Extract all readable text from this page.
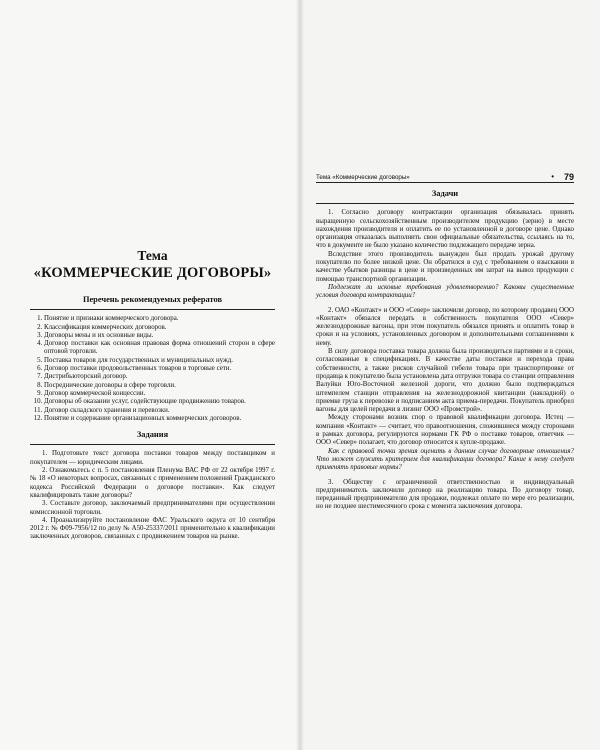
Тема
«КОММЕРЧЕСКИЕ ДОГОВОРЫ»
Перечень рекомендуемых рефератов
1. Понятие и признаки коммерческого договора.
2. Классификация коммерческих договоров.
3. Договоры мены и их основные виды.
4. Договор поставки как основная правовая форма отношений сторон в сфере оптовой торговли.
5. Поставка товаров для государственных и муниципальных нужд.
6. Договор поставки продовольственных товаров в торговые сети.
7. Дистрибьюторский договор.
8. Посреднические договоры в сфере торговли.
9. Договор коммерческой концессии.
10. Договоры об оказании услуг, содействующие продвижению товаров.
11. Договор складского хранения и перевозки.
12. Понятие и содержание организационных коммерческих договоров.
Задания

1. Подготовьте текст договора поставки товаров между поставщиком и покупателем — юридическим лицами.

2. Ознакомьтесь с п. 5 постановления Пленума ВАС РФ от 22 октября 1997 г. № 18 «О некоторых вопросах, связанных с применением положений Гражданского кодекса Российской Федерации о договоре поставки». Как следует квалифицировать такие договоры?

3. Составьте договор, заключаемый предпринимателями при осуществлении комиссионной торговли.

4. Проанализируйте постановление ФАС Уральского округа от 10 сентября 2012 г. № Ф09-7956/12 по делу № А50-25337/2011 применительно к квалификации заключенных договоров, связанных с продвижением товаров на рынке.

Тема «Коммерческие договоры»	• 79
Задачи

1. Согласно договору контрактации организация обязывалась принять выращенную сельскохозяйственным производителем продукцию (зерно) в месте нахождения производителя и оплатить ее по установленной в договоре цене. Однако организация отказалась выполнить свои официальные обязательства, ссылаясь на то, что в документе не было указано количество подлежащего передаче зерна.

Вследствие этого производитель вынужден был продать урожай другому покупателю по более низкой цене. Он обратился в суд с требованием о взыскании в качестве убытков разницы в цене и произведенных им затрат на вывоз продукции с помощью транспортной организации.

Подлежат ли исковые требования удовлетворению? Каковы существенные условия договора контрактации?

2. ОАО «Контакт» и ООО «Север» заключили договор, по которому продавец ООО «Контакт» обязался передать в собственность покупателя ООО «Север» железнодорожные вагоны, при этом покупатель обязался принять и оплатить товар в сроки и на условиях, установленных договором и дополнительными соглашениями к нему.

В силу договора поставка товара должна была производиться партиями и в сроки, согласованные в спецификациях. В качестве даты поставки и перехода права собственности, а также рисков случайной гибели товара при транспортировке от продавца к покупателю была установлена дата отгрузки товара со станции отправления Валуйки Юго-Восточной железной дороги, что должно было подтверждаться штемпелем станции отправления на железнодорожной квитанции (накладной) о приемке груза к перевозке и подписанием акта приема-передачи. Покупатель приобрел вагоны для целей передачи в лизинг ООО «Промстрой».

Между сторонами возник спор о правовой квалификации договора. Истец — компания «Контакт» — считает, что правоотношения, сложившиеся между сторонами в рамках договора, регулируются нормами ГК РФ о поставке товаров, ответчик — ООО «Север» полагает, что договор относится к купле-продаже.

Как с правовой точки зрения оценить в данном случае договорные отношения? Что может служить критерием для квалификации договора? Какие к нему следует применять правовые нормы?

3. Обществу с ограниченной ответственностью и индивидуальный предприниматель заключили договор на реализацию товара. По договору товар, переданный предпринимателю для продажи, подлежал оплате по мере его реализации, но не позднее шестимесячного срока с момента заключения договора.
